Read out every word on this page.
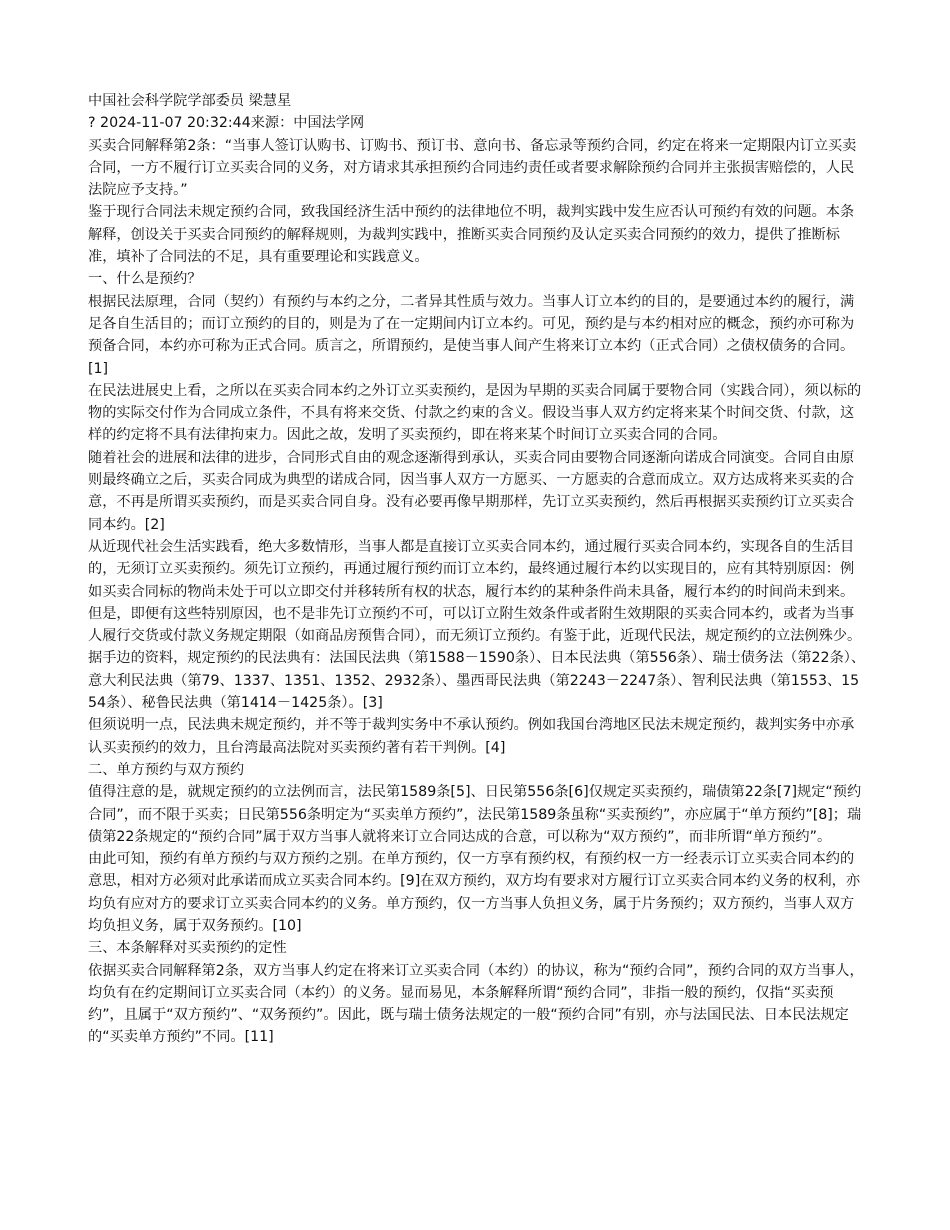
中国社会科学院学部委员 梁慧星

? 2024-11-07 20:32:44来源：中国法学网

买卖合同解释第2条：“当事人签订认购书、订购书、预订书、意向书、备忘录等预约合同，约定在将来一定期限内订立买卖合同，一方不履行订立买卖合同的义务，对方请求其承担预约合同违约责任或者要求解除预约合同并主张损害赔偿的，人民法院应予支持。”

鉴于现行合同法未规定预约合同，致我国经济生活中预约的法律地位不明，裁判实践中发生应否认可预约有效的问题。本条解释，创设关于买卖合同预约的解释规则，为裁判实践中，推断买卖合同预约及认定买卖合同预约的效力，提供了推断标准，填补了合同法的不足，具有重要理论和实践意义。

一、什么是预约？

根据民法原理，合同（契约）有预约与本约之分，二者异其性质与效力。当事人订立本约的目的，是要通过本约的履行，满足各自生活目的；而订立预约的目的，则是为了在一定期间内订立本约。可见，预约是与本约相对应的概念，预约亦可称为预备合同，本约亦可称为正式合同。质言之，所谓预约，是使当事人间产生将来订立本约（正式合同）之债权债务的合同。[1]

在民法进展史上看，之所以在买卖合同本约之外订立买卖预约，是因为早期的买卖合同属于要物合同（实践合同），须以标的物的实际交付作为合同成立条件，不具有将来交货、付款之约束的含义。假设当事人双方约定将来某个时间交货、付款，这样的约定将不具有法律拘束力。因此之故，发明了买卖预约，即在将来某个时间订立买卖合同的合同。

随着社会的进展和法律的进步，合同形式自由的观念逐渐得到承认，买卖合同由要物合同逐渐向诺成合同演变。合同自由原则最终确立之后，买卖合同成为典型的诺成合同，因当事人双方一方愿买、一方愿卖的合意而成立。双方达成将来买卖的合意，不再是所谓买卖预约，而是买卖合同自身。没有必要再像早期那样，先订立买卖预约，然后再根据买卖预约订立买卖合同本约。[2]

从近现代社会生活实践看，绝大多数情形，当事人都是直接订立买卖合同本约，通过履行买卖合同本约，实现各自的生活目的，无须订立买卖预约。须先订立预约，再通过履行预约而订立本约，最终通过履行本约以实现目的，应有其特别原因：例如买卖合同标的物尚未处于可以立即交付并移转所有权的状态，履行本约的某种条件尚未具备，履行本约的时间尚未到来。

但是，即便有这些特别原因，也不是非先订立预约不可，可以订立附生效条件或者附生效期限的买卖合同本约，或者为当事人履行交货或付款义务规定期限（如商品房预售合同），而无须订立预约。有鉴于此，近现代民法，规定预约的立法例殊少。

据手边的资料，规定预约的民法典有：法国民法典（第1588－1590条）、日本民法典（第556条）、瑞士债务法（第22条）、意大利民法典（第79、1337、1351、1352、2932条）、墨西哥民法典（第2243－2247条）、智利民法典（第1553、1554条）、秘鲁民法典（第1414－1425条）。[3]

但须说明一点，民法典未规定预约，并不等于裁判实务中不承认预约。例如我国台湾地区民法未规定预约，裁判实务中亦承认买卖预约的效力，且台湾最高法院对买卖预约著有若干判例。[4]

二、单方预约与双方预约

值得注意的是，就规定预约的立法例而言，法民第1589条[5]、日民第556条[6]仅规定买卖预约，瑞债第22条[7]规定“预约合同”，而不限于买卖；日民第556条明定为“买卖单方预约”，法民第1589条虽称“买卖预约”，亦应属于“单方预约”[8]；瑞债第22条规定的“预约合同”属于双方当事人就将来订立合同达成的合意，可以称为“双方预约”，而非所谓“单方预约”。

由此可知，预约有单方预约与双方预约之别。在单方预约，仅一方享有预约权，有预约权一方一经表示订立买卖合同本约的意思，相对方必须对此承诺而成立买卖合同本约。[9]在双方预约，双方均有要求对方履行订立买卖合同本约义务的权利，亦均负有应对方的要求订立买卖合同本约的义务。单方预约，仅一方当事人负担义务，属于片务预约；双方预约，当事人双方均负担义务，属于双务预约。[10]

三、本条解释对买卖预约的定性

依据买卖合同解释第2条，双方当事人约定在将来订立买卖合同（本约）的协议，称为“预约合同”，预约合同的双方当事人，均负有在约定期间订立买卖合同（本约）的义务。显而易见，本条解释所谓“预约合同”，非指一般的预约，仅指“买卖预约”，且属于“双方预约”、“双务预约”。因此，既与瑞士债务法规定的一般“预约合同”有别，亦与法国民法、日本民法规定的“买卖单方预约”不同。[11]
